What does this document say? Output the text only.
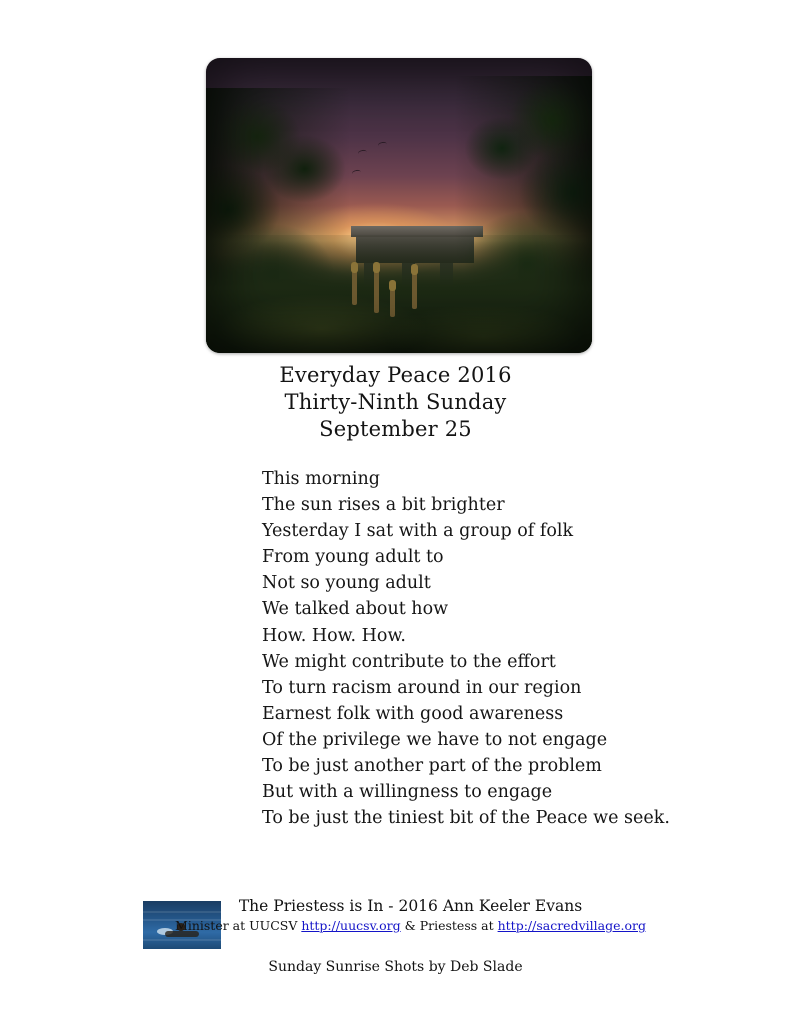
Everyday Peace 2016
Thirty-Ninth Sunday
September 25
This morning
The sun rises a bit brighter
Yesterday I sat with a group of folk
From young adult to
Not so young adult
We talked about how
How. How. How.
We might contribute to the effort
To turn racism around in our region
Earnest folk with good awareness
Of the privilege we have to not engage
To be just another part of the problem
But with a willingness to engage
To be just the tiniest bit of the Peace we seek.
The Priestess is In - 2016 Ann Keeler Evans
Minister at UUCSV http://uucsv.org & Priestess at http://sacredvillage.org
Sunday Sunrise Shots by Deb Slade
